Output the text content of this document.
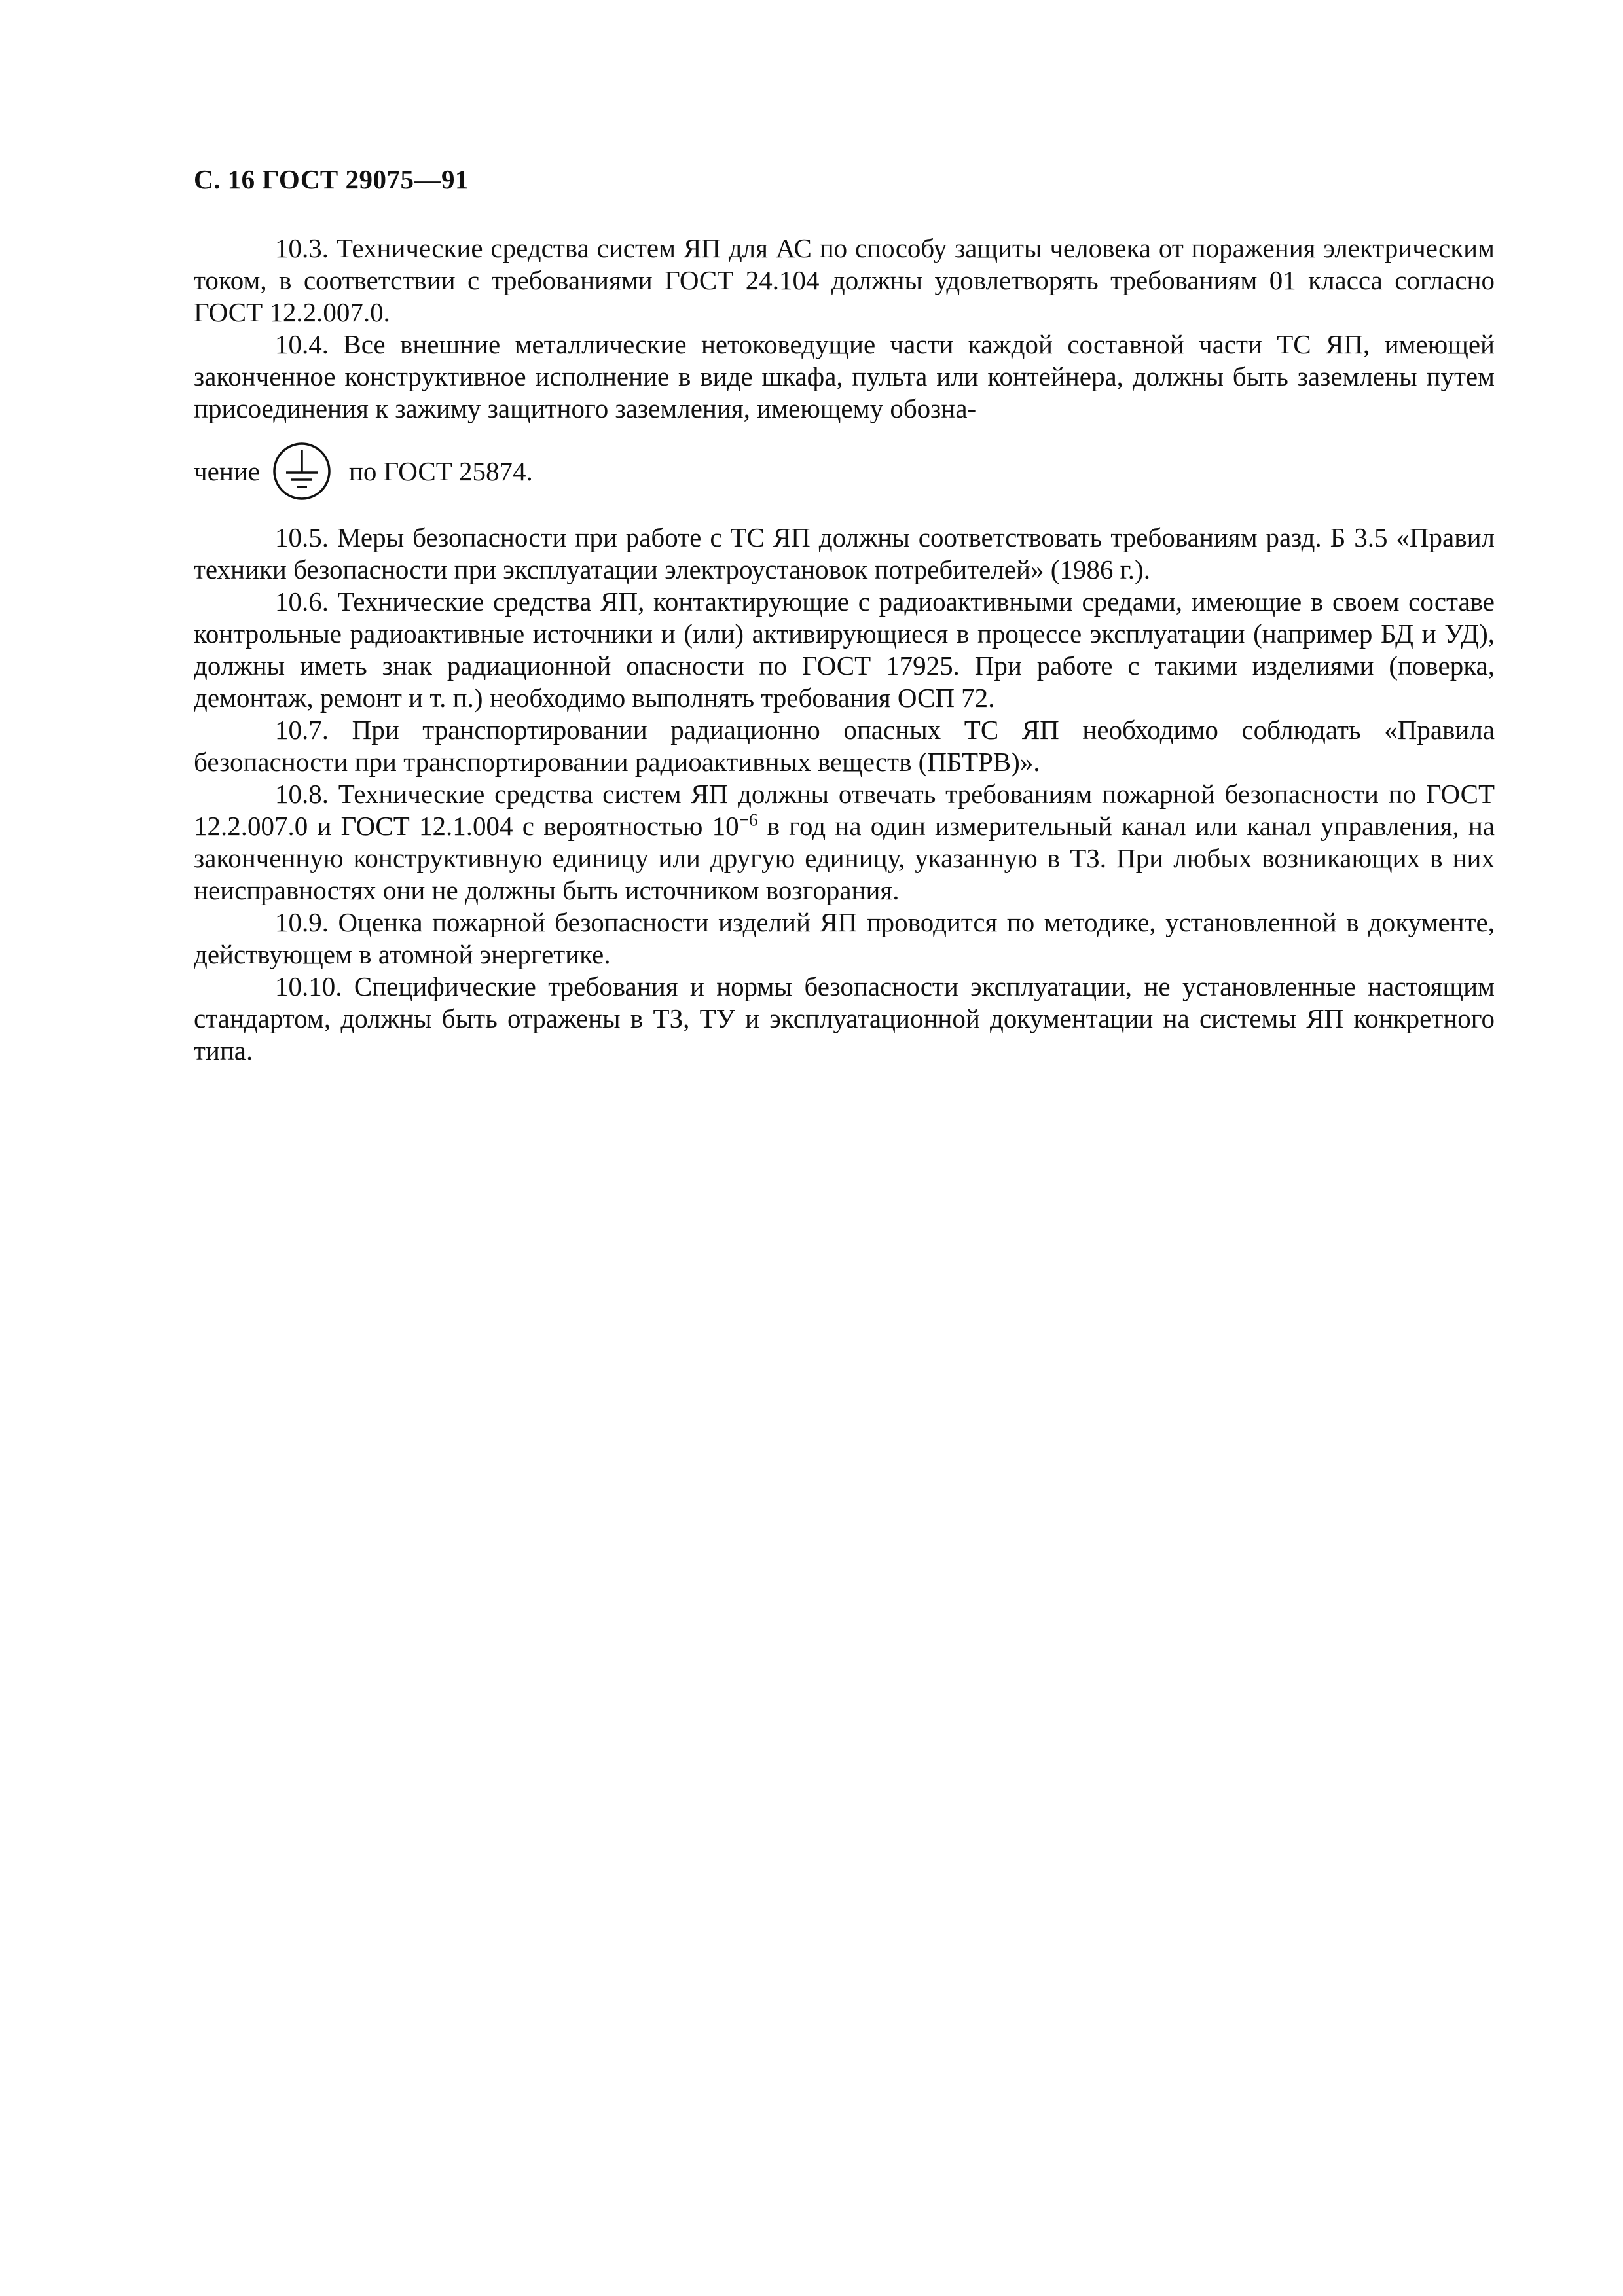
С. 16 ГОСТ 29075—91

10.3. Технические средства систем ЯП для АС по способу защиты человека от поражения электрическим током, в соответствии с требованиями ГОСТ 24.104 должны удовлетворять требованиям 01 класса согласно ГОСТ 12.2.007.0.

10.4. Все внешние металлические нетоковедущие части каждой составной части ТС ЯП, имеющей законченное конструктивное исполнение в виде шкафа, пульта или контейнера, должны быть заземлены путем присоединения к зажиму защитного заземления, имеющему обозна-

чение	по ГОСТ 25874.

10.5. Меры безопасности при работе с ТС ЯП должны соответствовать требованиям разд. Б 3.5 «Правил техники безопасности при эксплуатации электроустановок потребителей» (1986 г.).

10.6. Технические средства ЯП, контактирующие с радиоактивными средами, имеющие в своем составе контрольные радиоактивные источники и (или) активирующиеся в процессе эксплуатации (например БД и УД), должны иметь знак радиационной опасности по ГОСТ 17925. При работе с такими изделиями (поверка, демонтаж, ремонт и т. п.) необходимо выполнять требования ОСП 72.

10.7. При транспортировании радиационно опасных ТС ЯП необходимо соблюдать «Правила безопасности при транспортировании радиоактивных веществ (ПБТРВ)».

10.8. Технические средства систем ЯП должны отвечать требованиям пожарной безопасности по ГОСТ 12.2.007.0 и ГОСТ 12.1.004 с вероятностью $10^{-6}$ в год на один измерительный канал или канал управления, на законченную конструктивную единицу или другую единицу, указанную в ТЗ. При любых возникающих в них неисправностях они не должны быть источником возгорания.

10.9. Оценка пожарной безопасности изделий ЯП проводится по методике, установленной в документе, действующем в атомной энергетике.

10.10. Специфические требования и нормы безопасности эксплуатации, не установленные настоящим стандартом, должны быть отражены в ТЗ, ТУ и эксплуатационной документации на системы ЯП конкретного типа.
